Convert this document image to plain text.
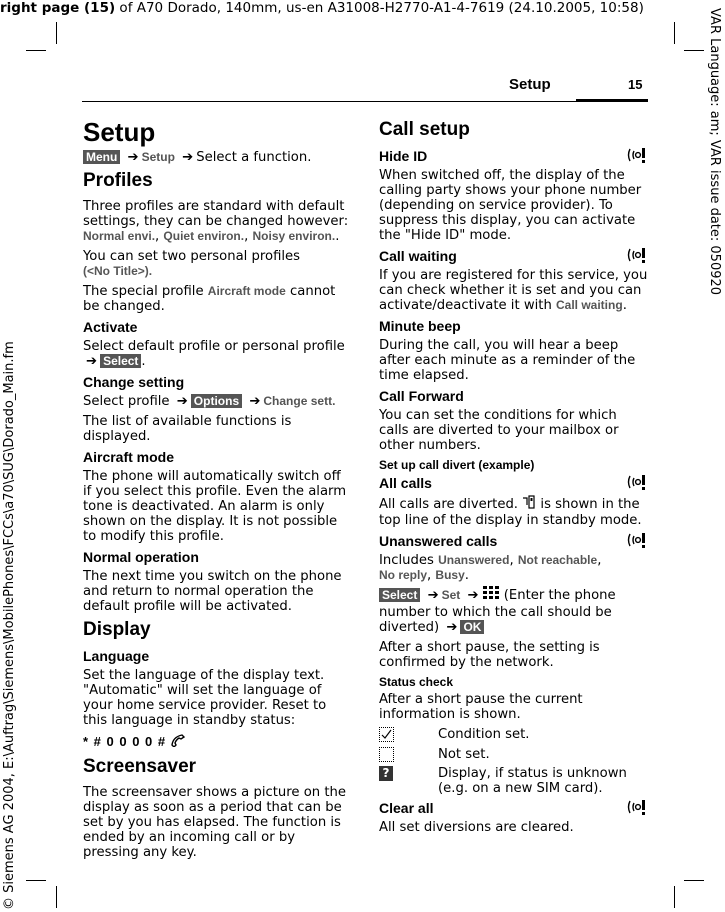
right page (15) of A70 Dorado, 140mm, us-en A31008-H2770-A1-4-7619 (24.10.2005, 10:58)	VAR Language: am; VAR issue date: 050920
© Siemens AG 2004, E:\Auftrag\Siemens\MobilePhones\FCCs\a70\SUG\Dorado_Main.fm
Setup	15
Setup

Menu ➔ Setup ➔ Select a function.

Profiles

Three profiles are standard with default settings, they can be changed however: Normal envi., Quiet environ., Noisy environ..

You can set two personal profiles
(<No Title>).

The special profile Aircraft mode cannot be changed.

Activate

Select default profile or personal profile
➔ Select .

Change setting

Select profile ➔ Options ➔ Change sett.

The list of available functions is displayed.

Aircraft mode

The phone will automatically switch off if you select this profile. Even the alarm tone is deactivated. An alarm is only shown on the display. It is not possible to modify this profile.

Normal operation

The next time you switch on the phone and return to normal operation the default profile will be activated.

Display
Language

Set the language of the display text. "Automatic" will set the language of your home service provider. Reset to this language in standby status:

* # 0 0 0 0 #

Screensaver

The screensaver shows a picture on the display as soon as a period that can be set by you has elapsed. The function is ended by an incoming call or by pressing any key.

Call setup
Hide ID

When switched off, the display of the calling party shows your phone number (depending on service provider). To suppress this display, you can activate the "Hide ID" mode.

Call waiting

If you are registered for this service, you can check whether it is set and you can activate/deactivate it with Call waiting.

Minute beep

During the call, you will hear a beep after each minute as a reminder of the time elapsed.

Call Forward

You can set the conditions for which calls are diverted to your mailbox or other numbers.

Set up call divert (example)
All calls

All calls are diverted. is shown in the top line of the display in standby mode.

Unanswered calls

Includes Unanswered, Not reachable,
No reply, Busy.

Select ➔ Set ➔ (Enter the phone number to which the call should be diverted) ➔ OK

After a short pause, the setting is confirmed by the network.

Status check

After a short pause the current information is shown.

Condition set.
Not set.
?	Display, if status is unknown (e.g. on a new SIM card).
Clear all

All set diversions are cleared.
